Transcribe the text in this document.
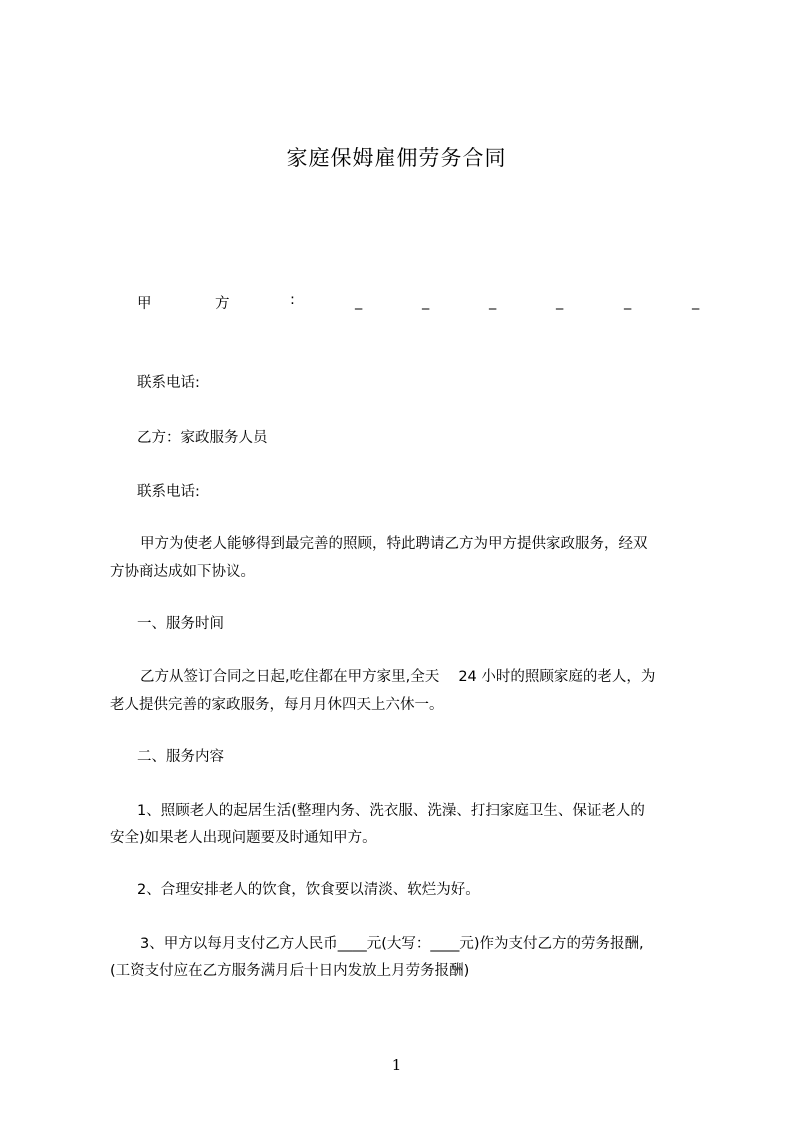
家庭保姆雇佣劳务合同
甲	方	:	_	_	_	_	_	_
联系电话:
乙方：家政服务人员
联系电话:
甲方为使老人能够得到最完善的照顾，特此聘请乙方为甲方提供家政服务，经双
方协商达成如下协议。
一、服务时间
乙方从签订合同之日起,吃住都在甲方家里,全天　 24 小时的照顾家庭的老人，为
老人提供完善的家政服务，每月月休四天上六休一。
二、服务内容
1、照顾老人的起居生活(整理内务、洗衣服、洗澡、打扫家庭卫生、保证老人的
安全)如果老人出现问题要及时通知甲方。
2、合理安排老人的饮食，饮食要以清淡、软烂为好。
3、甲方以每月支付乙方人民币____元(大写：____元)作为支付乙方的劳务报酬,
(工资支付应在乙方服务满月后十日内发放上月劳务报酬)
1
